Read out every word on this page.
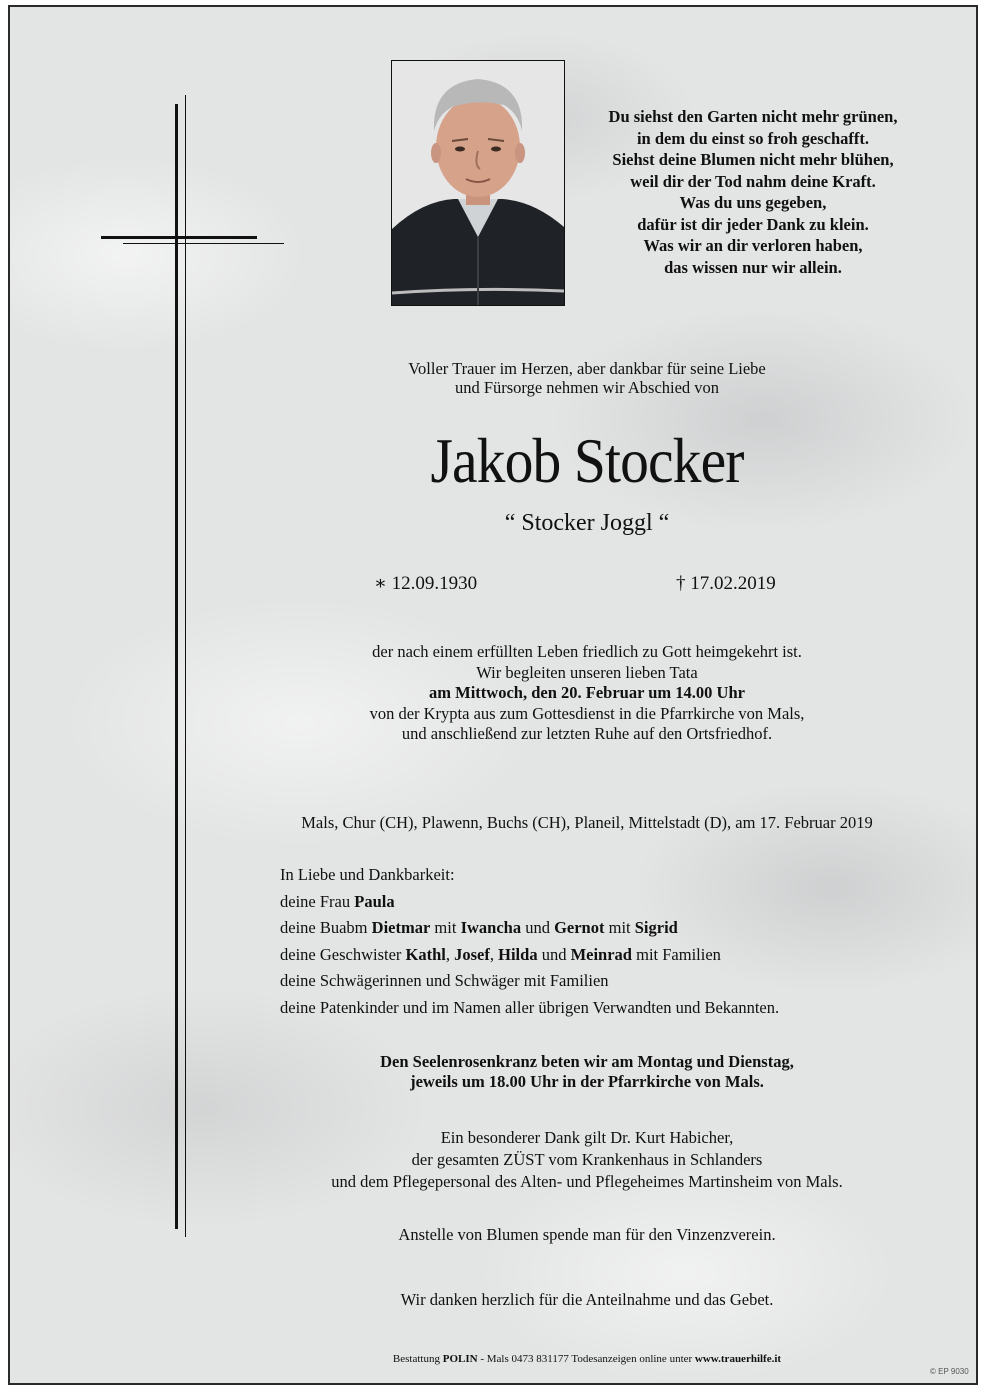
Du siehst den Garten nicht mehr grünen,
in dem du einst so froh geschafft.
Siehst deine Blumen nicht mehr blühen,
weil dir der Tod nahm deine Kraft.
Was du uns gegeben,
dafür ist dir jeder Dank zu klein.
Was wir an dir verloren haben,
das wissen nur wir allein.
Voller Trauer im Herzen, aber dankbar für seine Liebe
und Fürsorge nehmen wir Abschied von
Jakob Stocker
“ Stocker Joggl “
∗ 12.09.1930	† 17.02.2019
der nach einem erfüllten Leben friedlich zu Gott heimgekehrt ist.
Wir begleiten unseren lieben Tata
am Mittwoch, den 20. Februar um 14.00 Uhr
von der Krypta aus zum Gottesdienst in die Pfarrkirche von Mals,
und anschließend zur letzten Ruhe auf den Ortsfriedhof.
Mals, Chur (CH), Plawenn, Buchs (CH), Planeil, Mittelstadt (D), am 17. Februar 2019
In Liebe und Dankbarkeit:
deine Frau Paula
deine Buabm Dietmar mit Iwancha und Gernot mit Sigrid
deine Geschwister Kathl, Josef, Hilda und Meinrad mit Familien
deine Schwägerinnen und Schwäger mit Familien
deine Patenkinder und im Namen aller übrigen Verwandten und Bekannten.
Den Seelenrosenkranz beten wir am Montag und Dienstag,
jeweils um 18.00 Uhr in der Pfarrkirche von Mals.
Ein besonderer Dank gilt Dr. Kurt Habicher,
der gesamten ZÜST vom Krankenhaus in Schlanders
und dem Pflegepersonal des Alten- und Pflegeheimes Martinsheim von Mals.
Anstelle von Blumen spende man für den Vinzenzverein.
Wir danken herzlich für die Anteilnahme und das Gebet.
Bestattung POLIN - Mals 0473 831177 Todesanzeigen online unter www.trauerhilfe.it
© EP 9030
